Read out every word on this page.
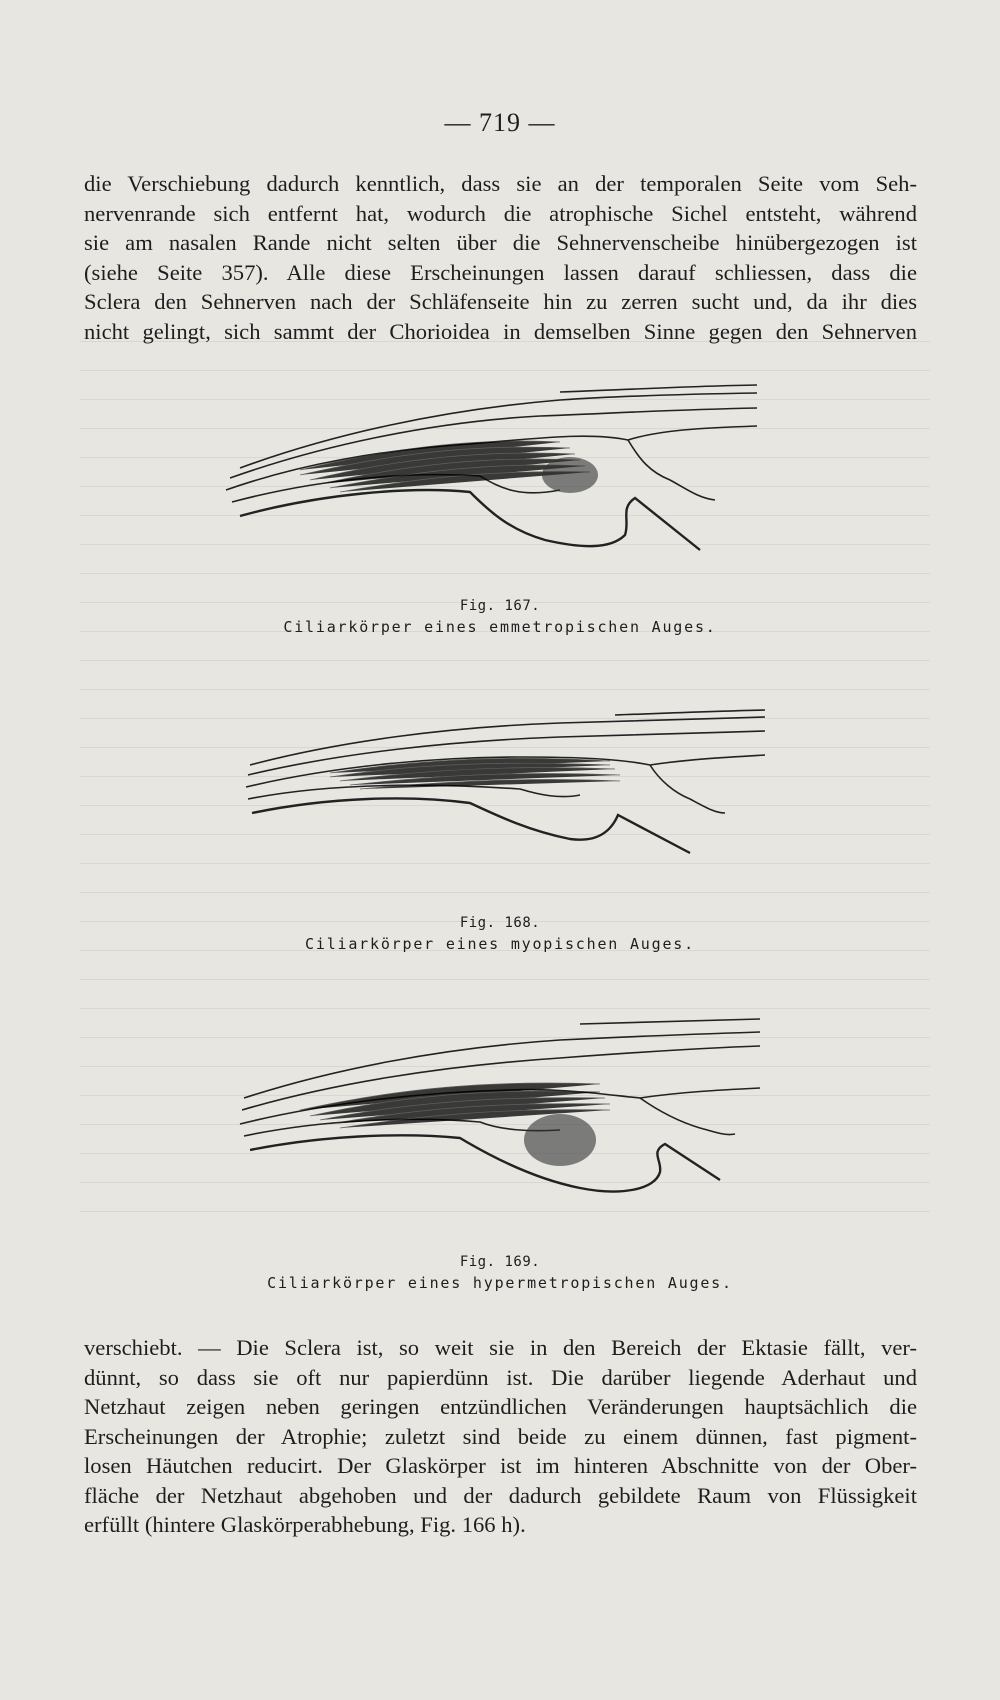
— 719 —
die Verschiebung dadurch kenntlich, dass sie an der temporalen Seite vom Seh-
nervenrande sich entfernt hat, wodurch die atrophische Sichel entsteht, während
sie am nasalen Rande nicht selten über die Sehnervenscheibe hinübergezogen ist
(siehe Seite 357). Alle diese Erscheinungen lassen darauf schliessen, dass die
Sclera den Sehnerven nach der Schläfenseite hin zu zerren sucht und, da ihr dies
nicht gelingt, sich sammt der Chorioidea in demselben Sinne gegen den Sehnerven
Fig. 167.
Ciliarkörper eines emmetropischen Auges.
Fig. 168.
Ciliarkörper eines myopischen Auges.
Fig. 169.
Ciliarkörper eines hypermetropischen Auges.
verschiebt. — Die Sclera ist, so weit sie in den Bereich der Ektasie fällt, ver-
dünnt, so dass sie oft nur papierdünn ist. Die darüber liegende Aderhaut und
Netzhaut zeigen neben geringen entzündlichen Veränderungen hauptsächlich die
Erscheinungen der Atrophie; zuletzt sind beide zu einem dünnen, fast pigment-
losen Häutchen reducirt. Der Glaskörper ist im hinteren Abschnitte von der Ober-
fläche der Netzhaut abgehoben und der dadurch gebildete Raum von Flüssigkeit
erfüllt (hintere Glaskörperabhebung, Fig. 166 h).
